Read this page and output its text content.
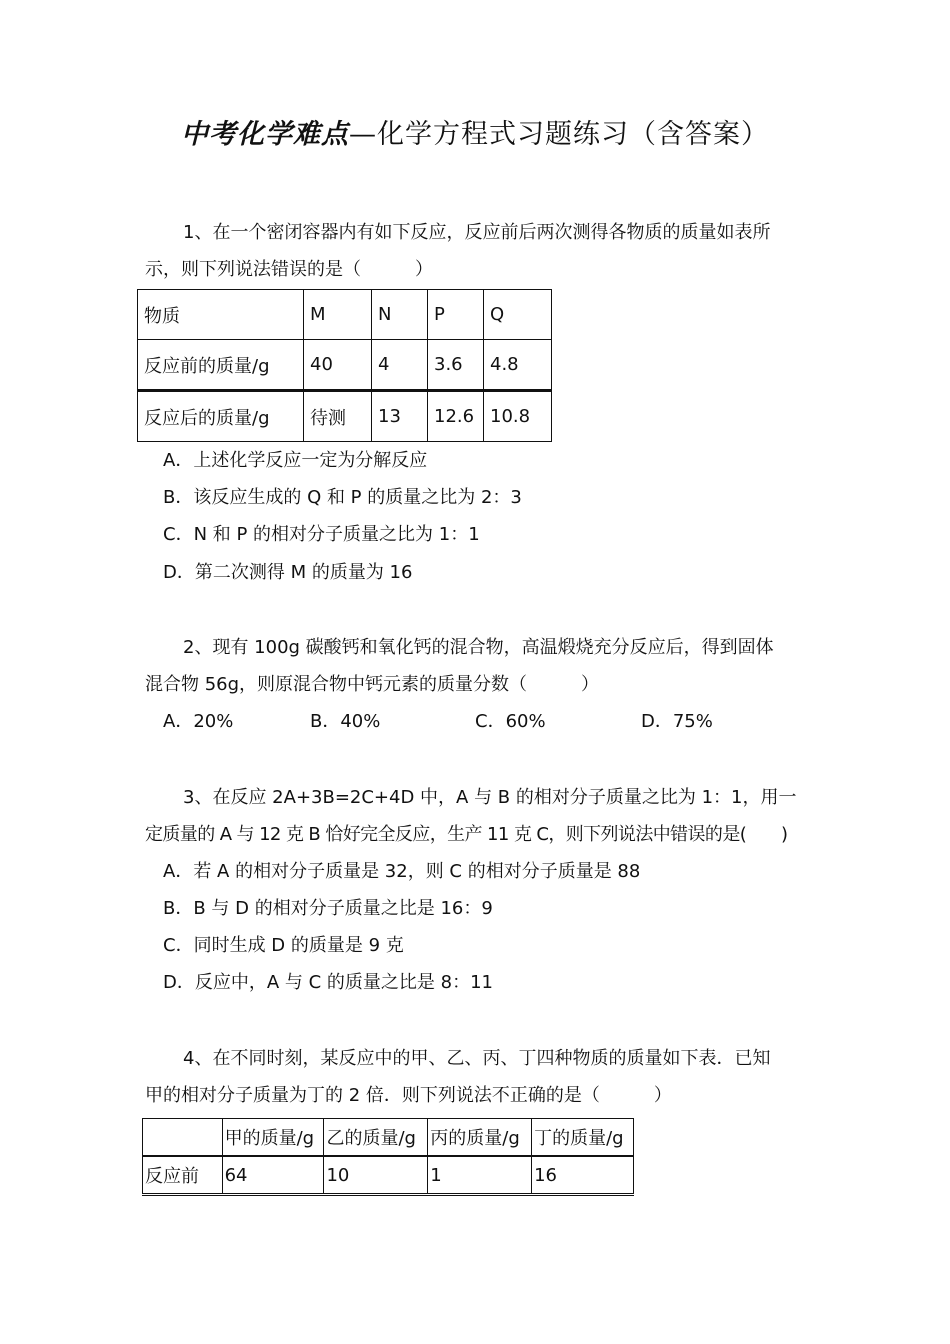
中考化学难点—化学方程式习题练习（含答案）
1、在一个密闭容器内有如下反应，反应前后两次测得各物质的质量如表所
示，则下列说法错误的是（　　　）
物质	M	N	P	Q
反应前的质量/g	40	4	3.6	4.8
反应后的质量/g	待测	13	12.6	10.8
A．上述化学反应一定为分解反应
B．该反应生成的 Q 和 P 的质量之比为 2：3
C．N 和 P 的相对分子质量之比为 1：1
D．第二次测得 M 的质量为 16
2、现有 100g 碳酸钙和氧化钙的混合物，高温煅烧充分反应后，得到固体
混合物 56g，则原混合物中钙元素的质量分数（　　　）
A．20%	B．40%	C．60%	D．75%
3、在反应 2A+3B=2C+4D 中，A 与 B 的相对分子质量之比为 1：1，用一
定质量的 A 与 12 克 B 恰好完全反应，生产 11 克 C，则下列说法中错误的是(　　)
A．若 A 的相对分子质量是 32，则 C 的相对分子质量是 88
B．B 与 D 的相对分子质量之比是 16：9
C．同时生成 D 的质量是 9 克
D．反应中，A 与 C 的质量之比是 8：11
4、在不同时刻，某反应中的甲、乙、丙、丁四种物质的质量如下表．已知
甲的相对分子质量为丁的 2 倍．则下列说法不正确的是（　　　）
	甲的质量/g	乙的质量/g	丙的质量/g	丁的质量/g
反应前	64	10	1	16
